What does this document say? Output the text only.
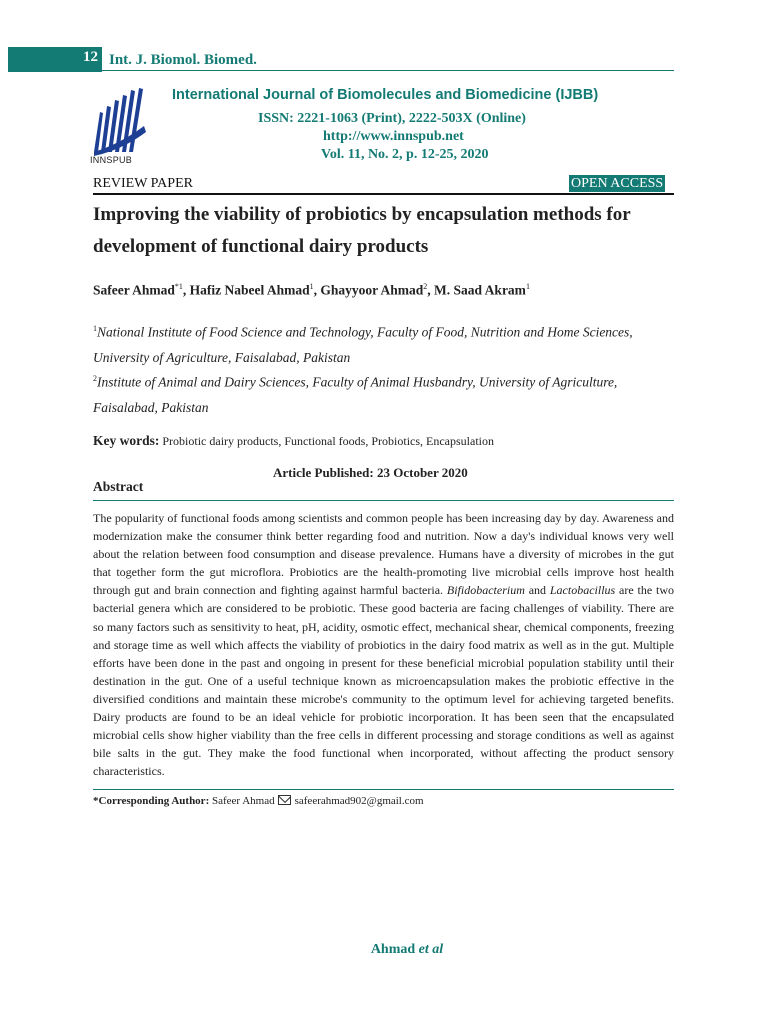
12 Int. J. Biomol. Biomed.
INNSPUB
International Journal of Biomolecules and Biomedicine (IJBB)
ISSN: 2221-1063 (Print), 2222-503X (Online)
http://www.innspub.net
Vol. 11, No. 2, p. 12-25, 2020
REVIEW PAPER	OPEN ACCESS
Improving the viability of probiotics by encapsulation methods for development of functional dairy products
Safeer Ahmad$^{*1}$, Hafiz Nabeel Ahmad$^1$, Ghayyoor Ahmad$^2$, M. Saad Akram$^1$
$^1$National Institute of Food Science and Technology, Faculty of Food, Nutrition and Home Sciences, University of Agriculture, Faisalabad, Pakistan
$^2$Institute of Animal and Dairy Sciences, Faculty of Animal Husbandry, University of Agriculture, Faisalabad, Pakistan
Key words: Probiotic dairy products, Functional foods, Probiotics, Encapsulation
Article Published: 23 October 2020
Abstract
The popularity of functional foods among scientists and common people has been increasing day by day. Awareness and modernization make the consumer think better regarding food and nutrition. Now a day's individual knows very well about the relation between food consumption and disease prevalence. Humans have a diversity of microbes in the gut that together form the gut microflora. Probiotics are the health-promoting live microbial cells improve host health through gut and brain connection and fighting against harmful bacteria. Bifidobacterium and Lactobacillus are the two bacterial genera which are considered to be probiotic. These good bacteria are facing challenges of viability. There are so many factors such as sensitivity to heat, pH, acidity, osmotic effect, mechanical shear, chemical components, freezing and storage time as well which affects the viability of probiotics in the dairy food matrix as well as in the gut. Multiple efforts have been done in the past and ongoing in present for these beneficial microbial population stability until their destination in the gut. One of a useful technique known as microencapsulation makes the probiotic effective in the diversified conditions and maintain these microbe's community to the optimum level for achieving targeted benefits. Dairy products are found to be an ideal vehicle for probiotic incorporation. It has been seen that the encapsulated microbial cells show higher viability than the free cells in different processing and storage conditions as well as against bile salts in the gut. They make the food functional when incorporated, without affecting the product sensory characteristics.
*Corresponding Author: Safeer Ahmad safeerahmad902@gmail.com
Ahmad et al
